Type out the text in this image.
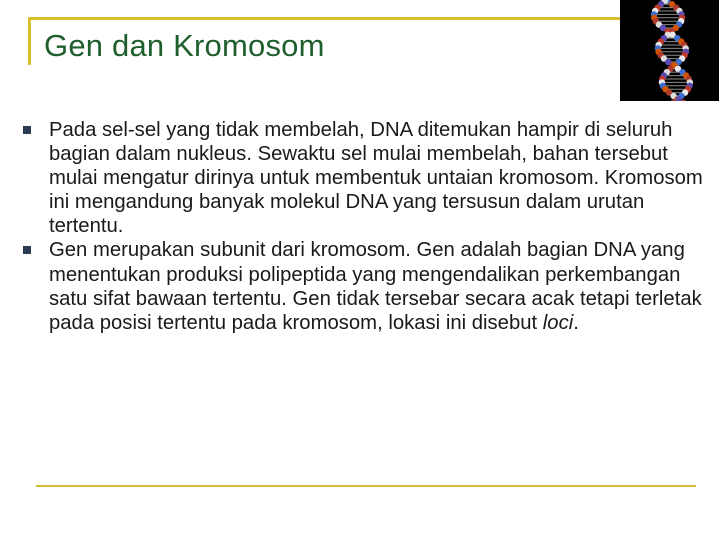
Gen dan Kromosom
Pada sel-sel yang tidak membelah, DNA ditemukan hampir di seluruh bagian dalam nukleus. Sewaktu sel mulai membelah, bahan tersebut mulai mengatur dirinya untuk membentuk untaian kromosom. Kromosom ini mengandung banyak molekul DNA yang tersusun dalam urutan tertentu.
Gen merupakan subunit dari kromosom. Gen adalah bagian DNA yang menentukan produksi polipeptida yang mengendalikan perkembangan satu sifat bawaan tertentu. Gen tidak tersebar secara acak tetapi terletak pada posisi tertentu pada kromosom, lokasi ini disebut loci.
